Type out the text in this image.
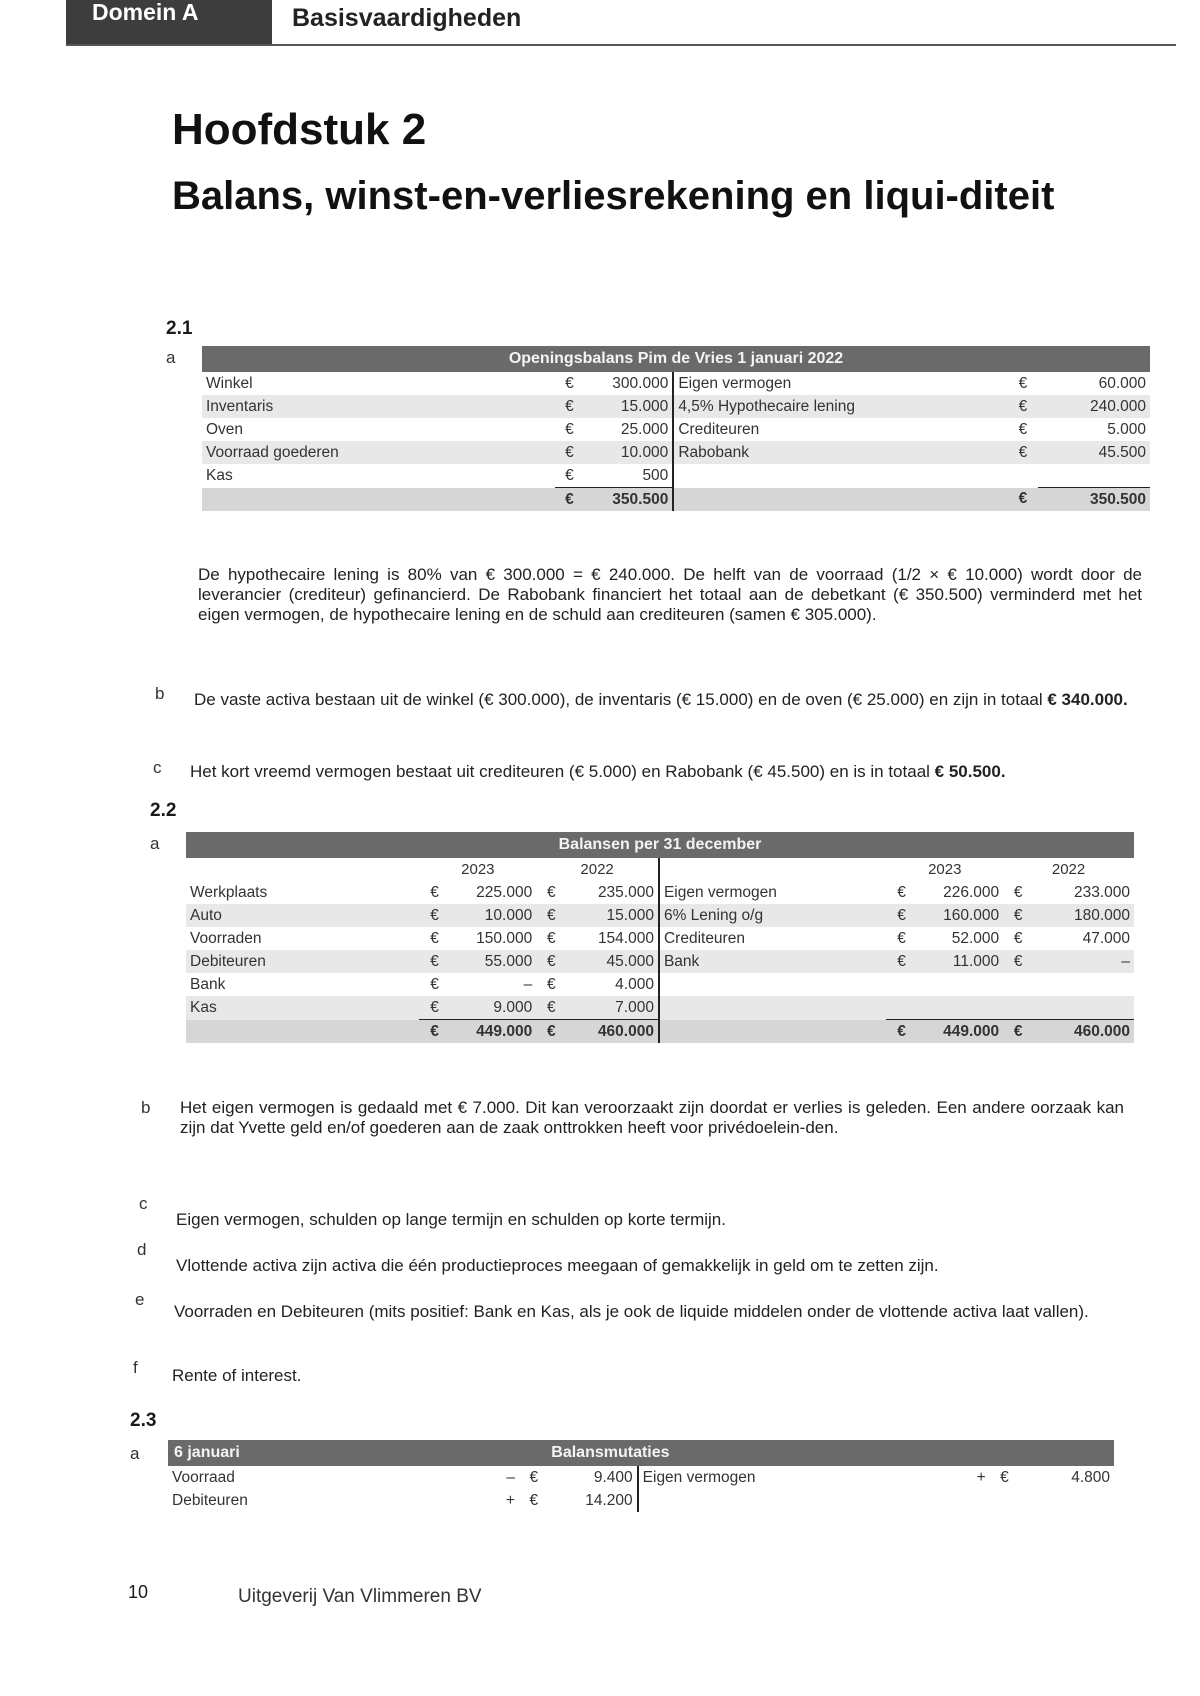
Domein A	Basisvaardigheden
Hoofdstuk 2
Balans, winst-en-verliesrekening en liqui-diteit
2.1
a	Openingsbalans Pim de Vries 1 januari 2022					
Winkel	€	300.000	Eigen vermogen	€	60.000
Inventaris	€	15.000	4,5% Hypothecaire lening	€	240.000
Oven	€	25.000	Crediteuren	€	5.000
Voorraad goederen	€	10.000	Rabobank	€	45.500
Kas	€	500			
	€	350.500		€	350.500
De hypothecaire lening is 80% van € 300.000 = € 240.000. De helft van de voorraad (1/2 × € 10.000) wordt door de leverancier (crediteur) gefinancierd. De Rabobank financiert het totaal aan de debetkant (€ 350.500) verminderd met het eigen vermogen, de hypothecaire lening en de schuld aan crediteuren (samen € 305.000).
b De vaste activa bestaan uit de winkel (€ 300.000), de inventaris (€ 15.000) en de oven (€ 25.000) en zijn in totaal € 340.000.
c Het kort vreemd vermogen bestaat uit crediteuren (€ 5.000) en Rabobank (€ 45.500) en is in totaal € 50.500.
2.2
a	Balansen per 31 december									
	2023		2022			2023		2022	
Werkplaats	€	225.000	€	235.000	Eigen vermogen	€	226.000	€	233.000
Auto	€	10.000	€	15.000	6% Lening o/g	€	160.000	€	180.000
Voorraden	€	150.000	€	154.000	Crediteuren	€	52.000	€	47.000
Debiteuren	€	55.000	€	45.000	Bank	€	11.000	€	–
Bank	€	–	€	4.000					
Kas	€	9.000	€	7.000					
	€	449.000	€	460.000		€	449.000	€	460.000
b Het eigen vermogen is gedaald met € 7.000. Dit kan veroorzaakt zijn doordat er verlies is geleden. Een andere oorzaak kan zijn dat Yvette geld en/of goederen aan de zaak onttrokken heeft voor privédoelein-den.
c
Eigen vermogen, schulden op lange termijn en schulden op korte termijn.
d
Vlottende activa zijn activa die één productieproces meegaan of gemakkelijk in geld om te zetten zijn.
e
Voorraden en Debiteuren (mits positief: Bank en Kas, als je ook de liquide middelen onder de vlottende activa laat vallen).
f Rente of interest.
2.3
a 6 januari	Balansmutaties						
Voorraad	–	€	9.400	Eigen vermogen	+	€	4.800
Debiteuren	+	€	14.200				
10	Uitgeverij Van Vlimmeren BV
